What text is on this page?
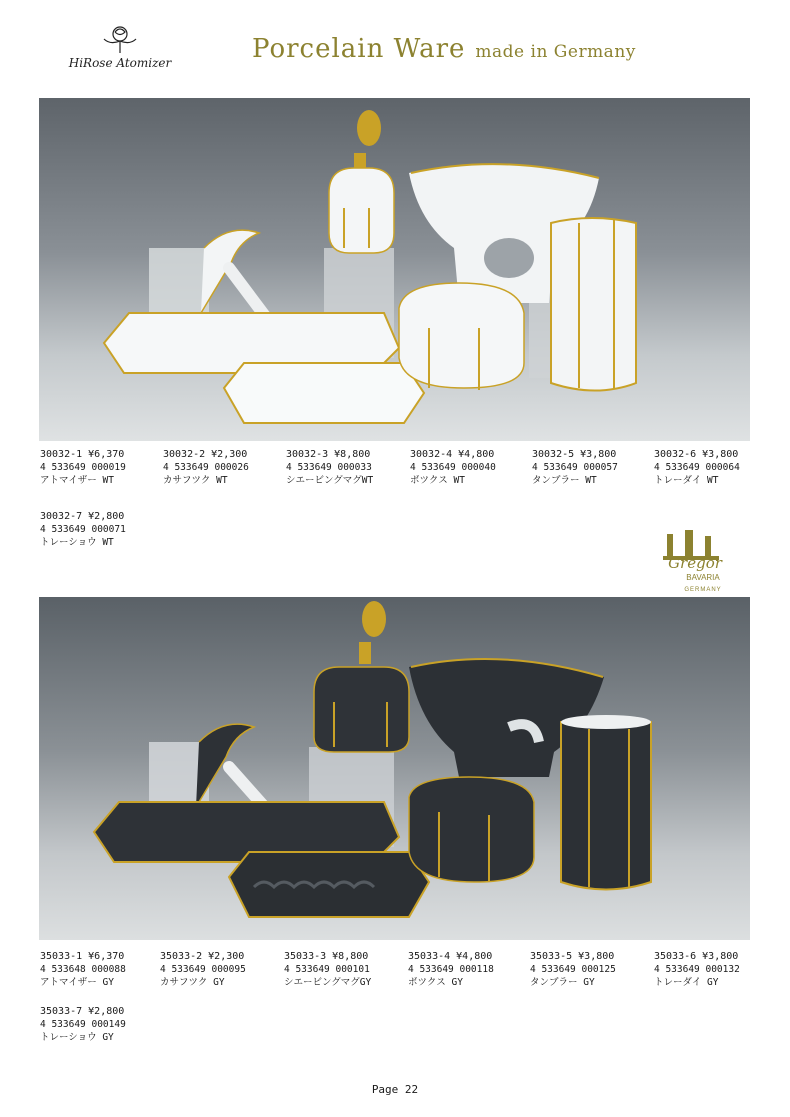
HiRose Atomizer	Porcelain Ware made in Germany
30032-1 ¥6,370
4 533649 000019
アトマイザー WT
30032-2 ¥2,300
4 533649 000026
カサフツク WT
30032-3 ¥8,800
4 533649 000033
シエービングマグWT
30032-4 ¥4,800
4 533649 000040
ボツクス WT
30032-5 ¥3,800
4 533649 000057
タンブラー WT
30032-6 ¥3,800
4 533649 000064
トレーダイ WT
30032-7 ¥2,800
4 533649 000071
トレーショウ WT
Gregor
BAVARIA
GERMANY
35033-1 ¥6,370
4 533648 000088
アトマイザー GY
35033-2 ¥2,300
4 533649 000095
カサフツク GY
35033-3 ¥8,800
4 533649 000101
シエービングマグGY
35033-4 ¥4,800
4 533649 000118
ボツクス GY
35033-5 ¥3,800
4 533649 000125
タンブラー GY
35033-6 ¥3,800
4 533649 000132
トレーダイ GY
35033-7 ¥2,800
4 533649 000149
トレーショウ GY
Page 22
